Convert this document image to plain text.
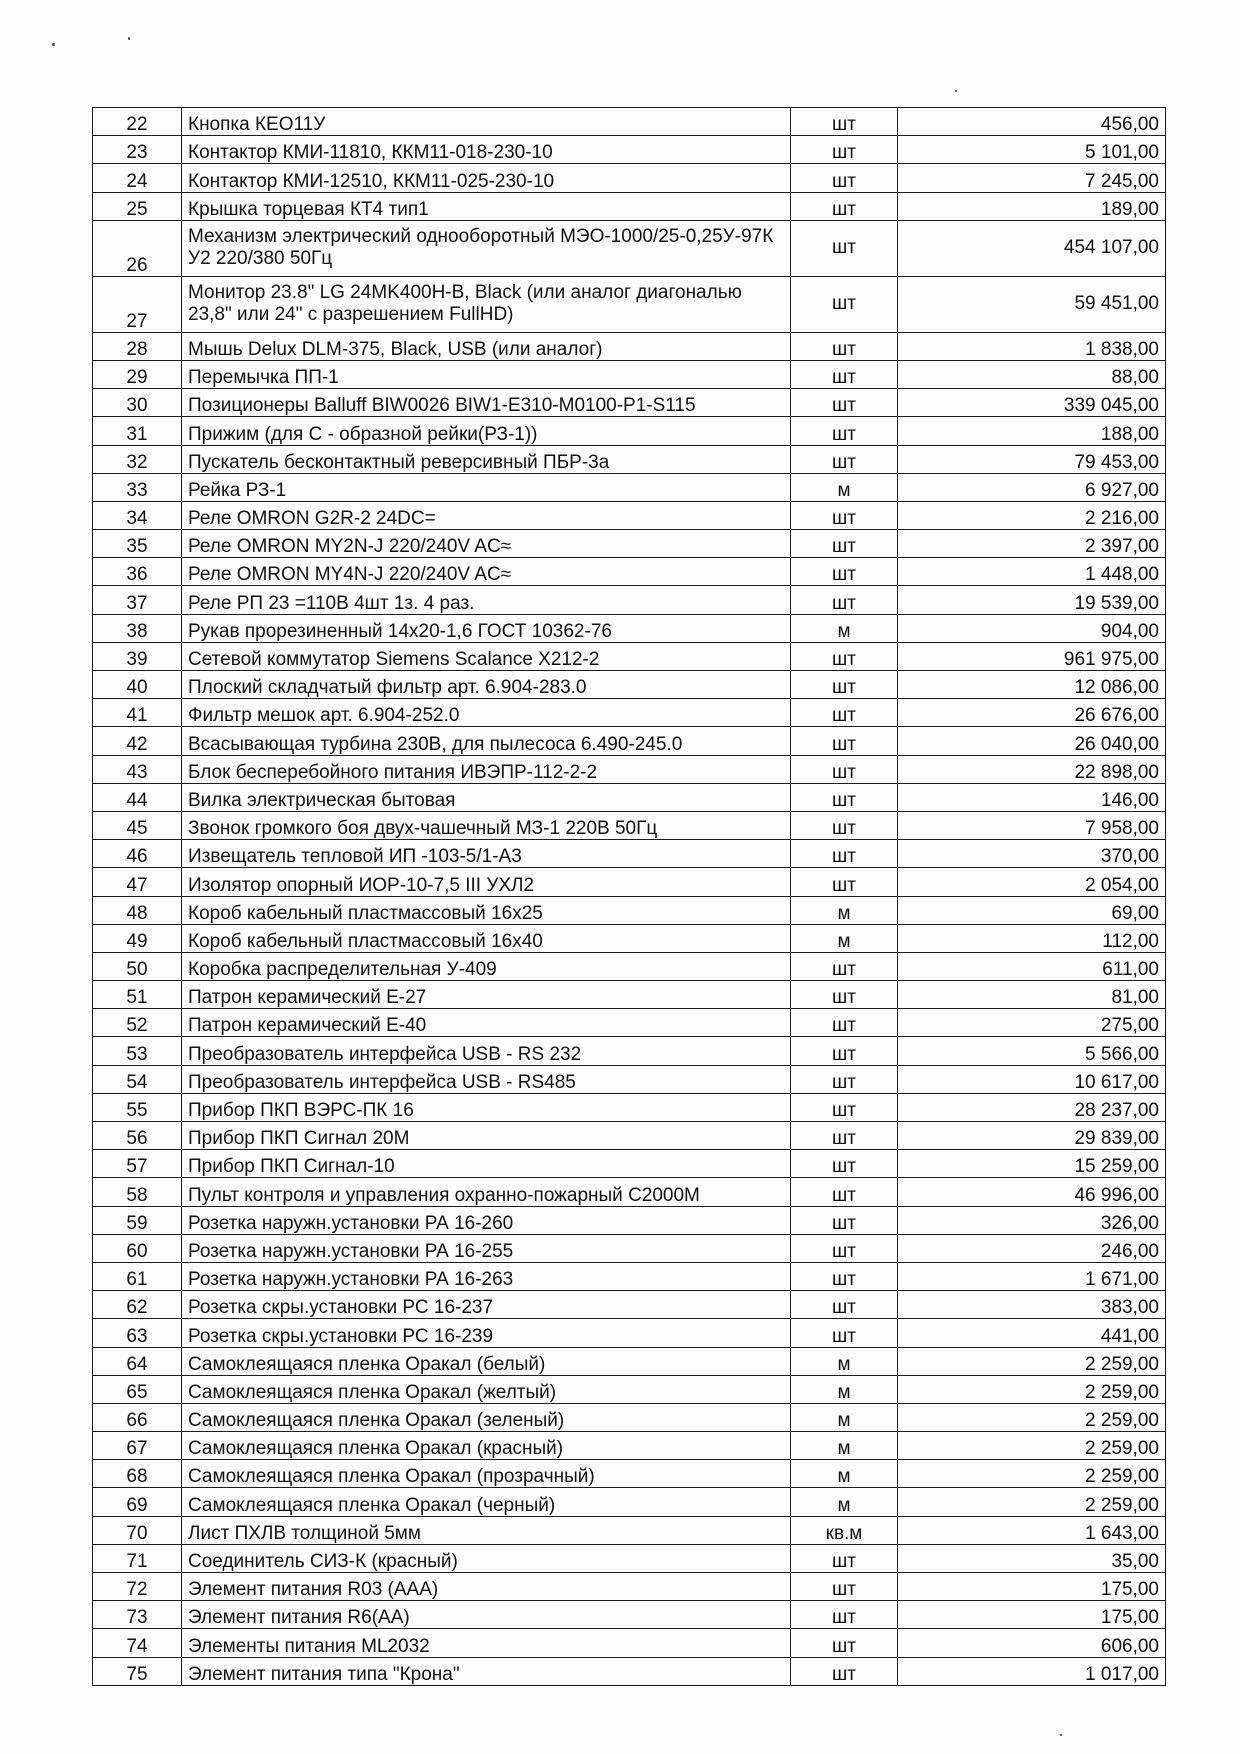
22	Кнопка КЕО11У	шт	456,00
23	Контактор КМИ-11810, ККМ11-018-230-10	шт	5 101,00
24	Контактор КМИ-12510, ККМ11-025-230-10	шт	7 245,00
25	Крышка торцевая КТ4 тип1	шт	189,00
26	Механизм электрический однооборотный МЭО-1000/25-0,25У-97К У2 220/380 50Гц	шт	454 107,00
27	Монитор 23.8" LG 24MK400H-B, Black (или аналог диагональю 23,8" или 24" с разрешением FullHD)	шт	59 451,00
28	Мышь Delux DLM-375, Black, USB (или аналог)	шт	1 838,00
29	Перемычка ПП-1	шт	88,00
30	Позиционеры Balluff BIW0026 BIW1-E310-M0100-P1-S115	шт	339 045,00
31	Прижим (для С - образной рейки(РЗ-1))	шт	188,00
32	Пускатель бесконтактный реверсивный ПБР-3а	шт	79 453,00
33	Рейка РЗ-1	м	6 927,00
34	Реле OMRON G2R-2 24DC=	шт	2 216,00
35	Реле OMRON MY2N-J 220/240V AC≈	шт	2 397,00
36	Реле OMRON MY4N-J 220/240V AC≈	шт	1 448,00
37	Реле РП 23 =110В 4шт 1з. 4 раз.	шт	19 539,00
38	Рукав прорезиненный 14х20-1,6 ГОСТ 10362-76	м	904,00
39	Сетевой коммутатор Siemens Scalance X212-2	шт	961 975,00
40	Плоский складчатый фильтр арт. 6.904-283.0	шт	12 086,00
41	Фильтр мешок арт. 6.904-252.0	шт	26 676,00
42	Всасывающая турбина 230В, для пылесоса 6.490-245.0	шт	26 040,00
43	Блок бесперебойного питания ИВЭПР-112-2-2	шт	22 898,00
44	Вилка электрическая бытовая	шт	146,00
45	Звонок громкого боя двух-чашечный МЗ-1 220В 50Гц	шт	7 958,00
46	Извещатель тепловой ИП -103-5/1-А3	шт	370,00
47	Изолятор опорный ИОР-10-7,5 III УХЛ2	шт	2 054,00
48	Короб кабельный пластмассовый 16х25	м	69,00
49	Короб кабельный пластмассовый 16х40	м	112,00
50	Коробка распределительная У-409	шт	611,00
51	Патрон керамический Е-27	шт	81,00
52	Патрон керамический Е-40	шт	275,00
53	Преобразователь интерфейса USB - RS 232	шт	5 566,00
54	Преобразователь интерфейса USB - RS485	шт	10 617,00
55	Прибор ПКП ВЭРС-ПК 16	шт	28 237,00
56	Прибор ПКП Сигнал 20М	шт	29 839,00
57	Прибор ПКП Сигнал-10	шт	15 259,00
58	Пульт контроля и управления охранно-пожарный С2000М	шт	46 996,00
59	Розетка наружн.установки РА 16-260	шт	326,00
60	Розетка наружн.установки РА 16-255	шт	246,00
61	Розетка наружн.установки РА 16-263	шт	1 671,00
62	Розетка скры.установки РС 16-237	шт	383,00
63	Розетка скры.установки РС 16-239	шт	441,00
64	Самоклеящаяся пленка Оракал (белый)	м	2 259,00
65	Самоклеящаяся пленка Оракал (желтый)	м	2 259,00
66	Самоклеящаяся пленка Оракал (зеленый)	м	2 259,00
67	Самоклеящаяся пленка Оракал (красный)	м	2 259,00
68	Самоклеящаяся пленка Оракал (прозрачный)	м	2 259,00
69	Самоклеящаяся пленка Оракал (черный)	м	2 259,00
70	Лист ПХЛВ толщиной 5мм	кв.м	1 643,00
71	Соединитель СИЗ-К (красный)	шт	35,00
72	Элемент питания R03 (AAA)	шт	175,00
73	Элемент питания R6(AA)	шт	175,00
74	Элементы питания ML2032	шт	606,00
75	Элемент питания типа "Крона"	шт	1 017,00
